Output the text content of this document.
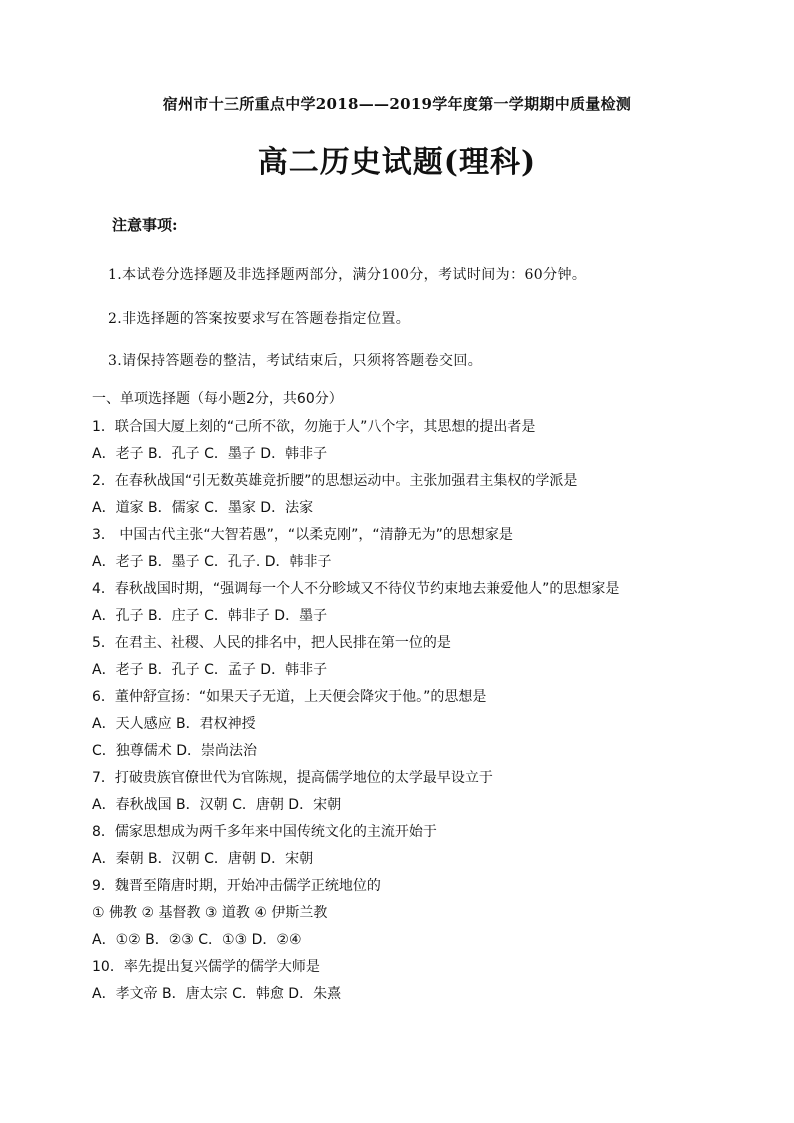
宿州市十三所重点中学2018——2019学年度第一学期期中质量检测
高二历史试题(理科)
注意事项:
1.本试卷分选择题及非选择题两部分，满分100分，考试时间为：60分钟。
2.非选择题的答案按要求写在答题卷指定位置。
3.请保持答题卷的整洁，考试结束后，只须将答题卷交回。
一、单项选择题（每小题2分，共60分）
1．联合国大厦上刻的“己所不欲，勿施于人”八个字，其思想的提出者是
A．老子 B．孔子 C．墨子 D．韩非子
2．在春秋战国“引无数英雄竞折腰”的思想运动中。主张加强君主集权的学派是
A．道家 B．儒家 C．墨家 D．法家
3． 中国古代主张“大智若愚”，“以柔克刚”，“清静无为”的思想家是
A．老子 B．墨子 C．孔子. D．韩非子
4．春秋战国时期，“强调每一个人不分畛域又不待仪节约束地去兼爱他人”的思想家是
A．孔子 B．庄子 C．韩非子 D．墨子
5．在君主、社稷、人民的排名中，把人民排在第一位的是
A．老子 B．孔子 C．孟子 D．韩非子
6．董仲舒宣扬：“如果天子无道，上天便会降灾于他。”的思想是
A．天人感应 B．君权神授
C．独尊儒术 D．崇尚法治
7．打破贵族官僚世代为官陈规，提高儒学地位的太学最早设立于
A．春秋战国 B．汉朝 C．唐朝 D．宋朝
8．儒家思想成为两千多年来中国传统文化的主流开始于
A．秦朝 B．汉朝 C．唐朝 D．宋朝
9．魏晋至隋唐时期，开始冲击儒学正统地位的
① 佛教 ② 基督教 ③ 道教 ④ 伊斯兰教
A．①② B．②③ C．①③ D．②④
10．率先提出复兴儒学的儒学大师是
A．孝文帝 B．唐太宗 C．韩愈 D．朱熹
